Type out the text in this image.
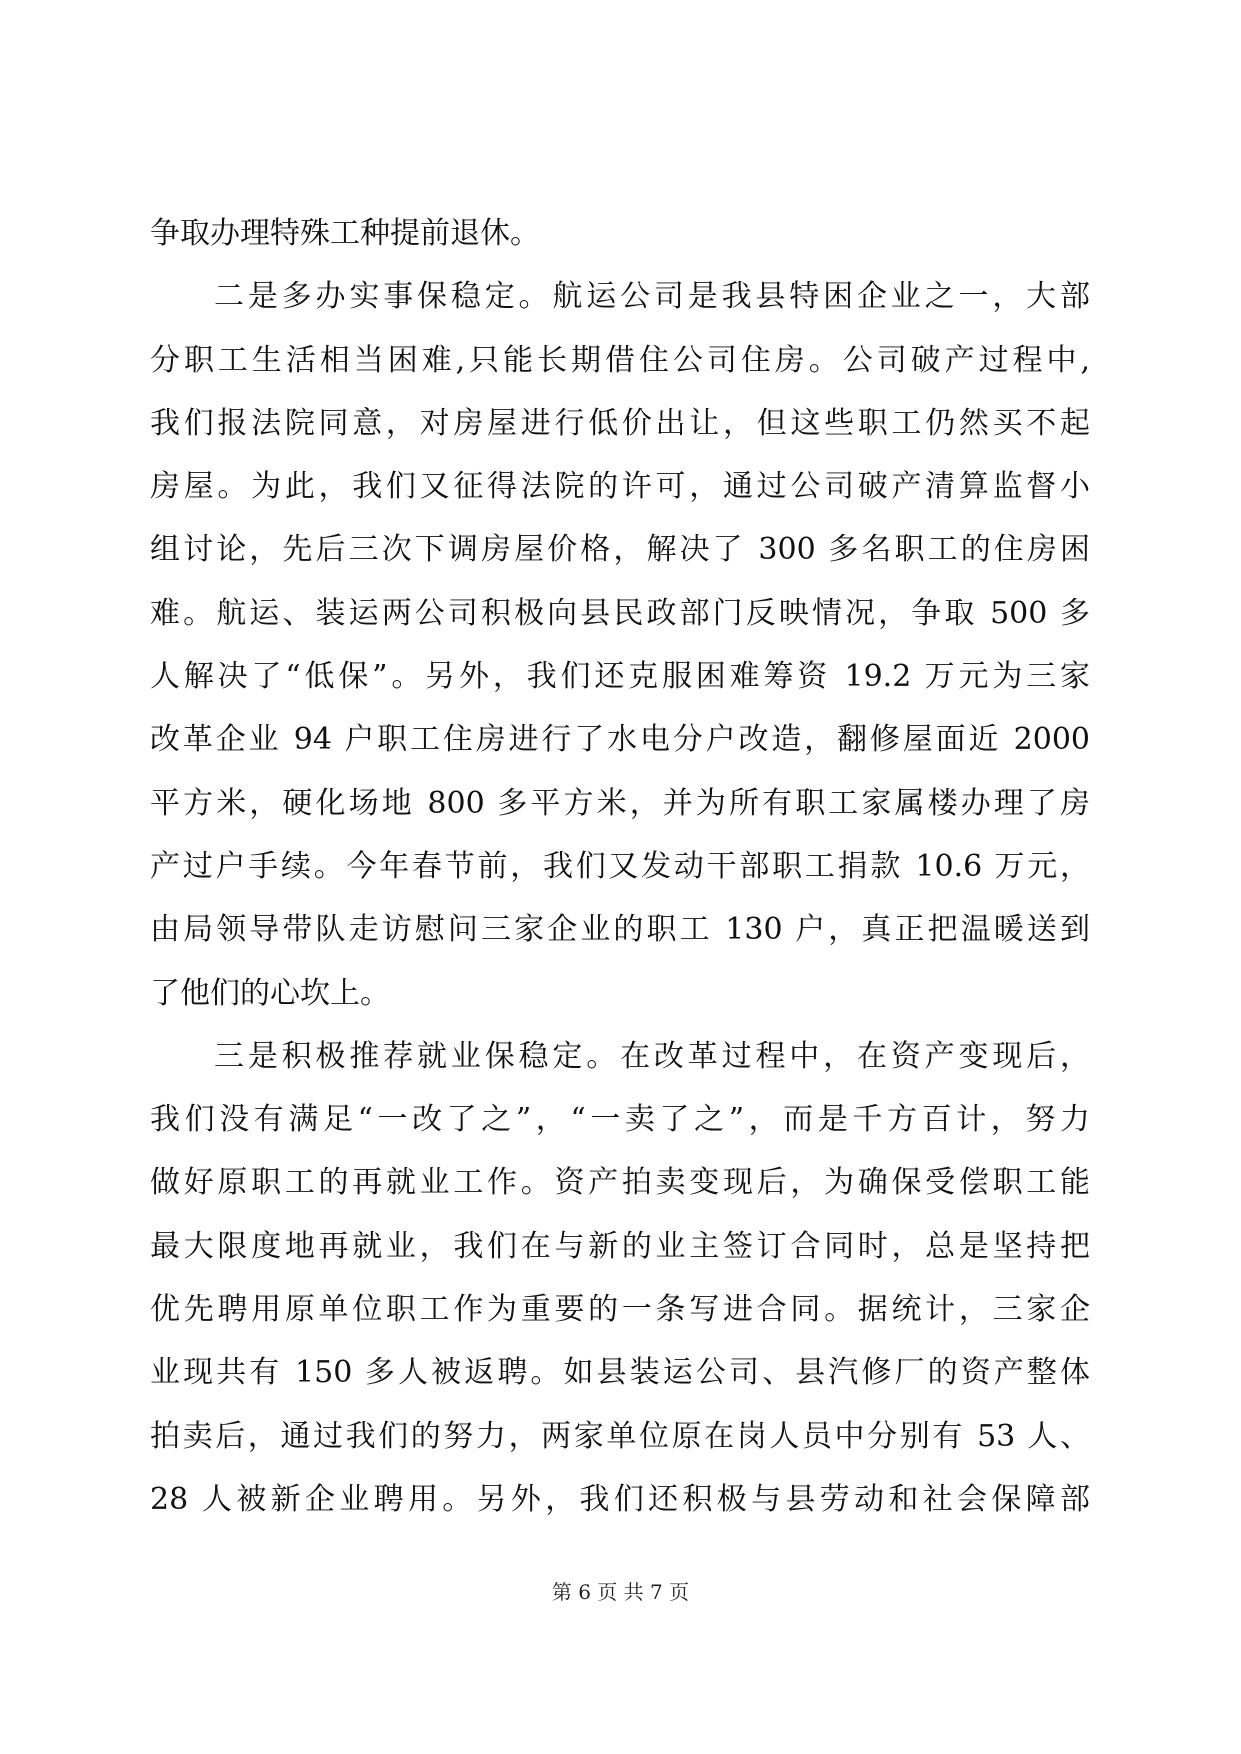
争取办理特殊工种提前退休。
二是多办实事保稳定。航运公司是我县特困企业之一，大部
分职工生活相当困难,只能长期借住公司住房。公司破产过程中,
我们报法院同意，对房屋进行低价出让，但这些职工仍然买不起
房屋。为此，我们又征得法院的许可，通过公司破产清算监督小
组讨论，先后三次下调房屋价格，解决了 300 多名职工的住房困
难。航运、装运两公司积极向县民政部门反映情况，争取 500 多
人解决了“低保”。另外，我们还克服困难筹资 19.2 万元为三家
改革企业 94 户职工住房进行了水电分户改造，翻修屋面近 2000
平方米，硬化场地 800 多平方米，并为所有职工家属楼办理了房
产过户手续。今年春节前，我们又发动干部职工捐款 10.6 万元，
由局领导带队走访慰问三家企业的职工 130 户，真正把温暖送到
了他们的心坎上。
三是积极推荐就业保稳定。在改革过程中，在资产变现后，
我们没有满足“一改了之”，“一卖了之”，而是千方百计，努力
做好原职工的再就业工作。资产拍卖变现后，为确保受偿职工能
最大限度地再就业，我们在与新的业主签订合同时，总是坚持把
优先聘用原单位职工作为重要的一条写进合同。据统计，三家企
业现共有 150 多人被返聘。如县装运公司、县汽修厂的资产整体
拍卖后，通过我们的努力，两家单位原在岗人员中分别有 53 人、
28 人被新企业聘用。另外，我们还积极与县劳动和社会保障部
第 6 页 共 7 页
